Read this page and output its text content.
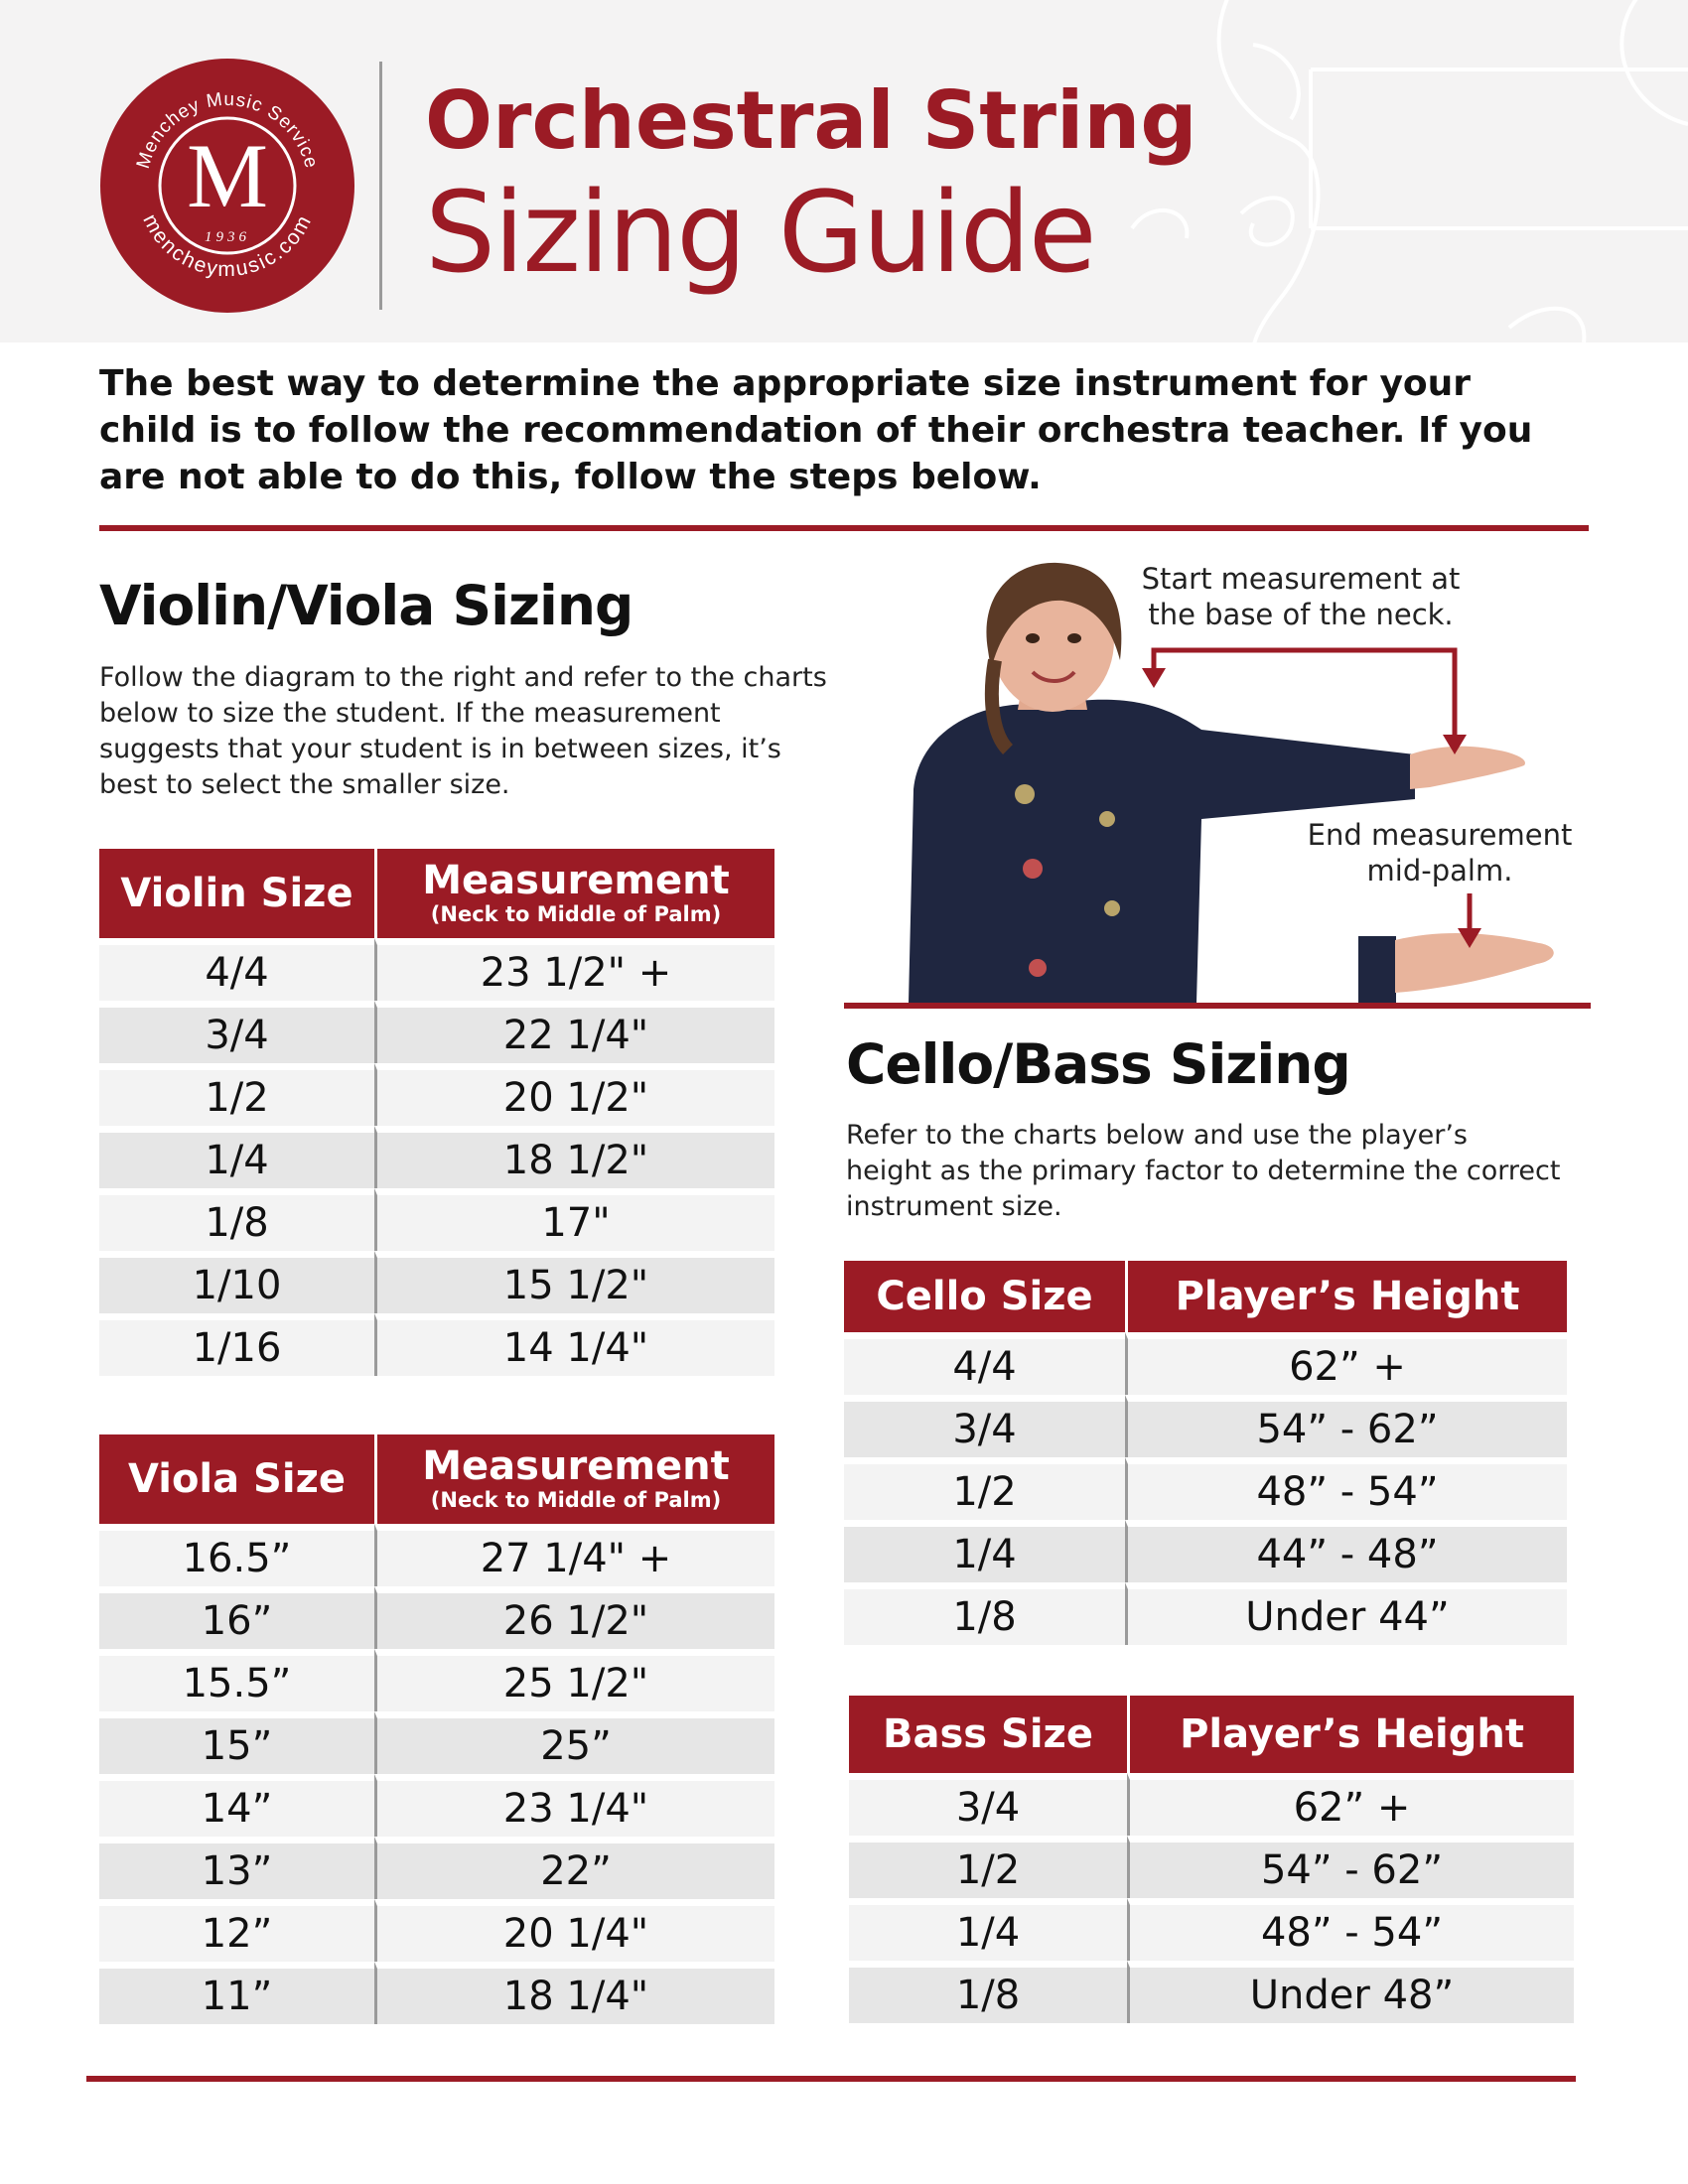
Menchey Music Service
mencheymusic.com
M
1936
Orchestral String
Sizing Guide
The best way to determine the appropriate size instrument for your child is to follow the recommendation of their orchestra teacher. If you are not able to do this, follow the steps below.
Violin/Viola Sizing
Follow the diagram to the right and refer to the charts below to size the student. If the measurement suggests that your student is in between sizes, it’s best to select the smaller size.
Start measurement at
the base of the neck.
End measurement
mid-palm.
Violin Size	Measurement
(Neck to Middle of Palm)

4/4	23 1/2" +
3/4	22 1/4"
1/2	20 1/2"
1/4	18 1/2"
1/8	17"
1/10	15 1/2"
1/16	14 1/4"
Viola Size	Measurement
(Neck to Middle of Palm)

16.5”	27 1/4" +
16”	26 1/2"
15.5”	25 1/2"
15”	25”
14”	23 1/4"
13”	22”
12”	20 1/4"
11”	18 1/4"
Cello/Bass Sizing
Refer to the charts below and use the player’s height as the primary factor to determine the correct instrument size.
Cello Size	Player’s Height

4/4	62” +
3/4	54” - 62”
1/2	48” - 54”
1/4	44” - 48”
1/8	Under 44”
Bass Size	Player’s Height

3/4	62” +
1/2	54” - 62”
1/4	48” - 54”
1/8	Under 48”
